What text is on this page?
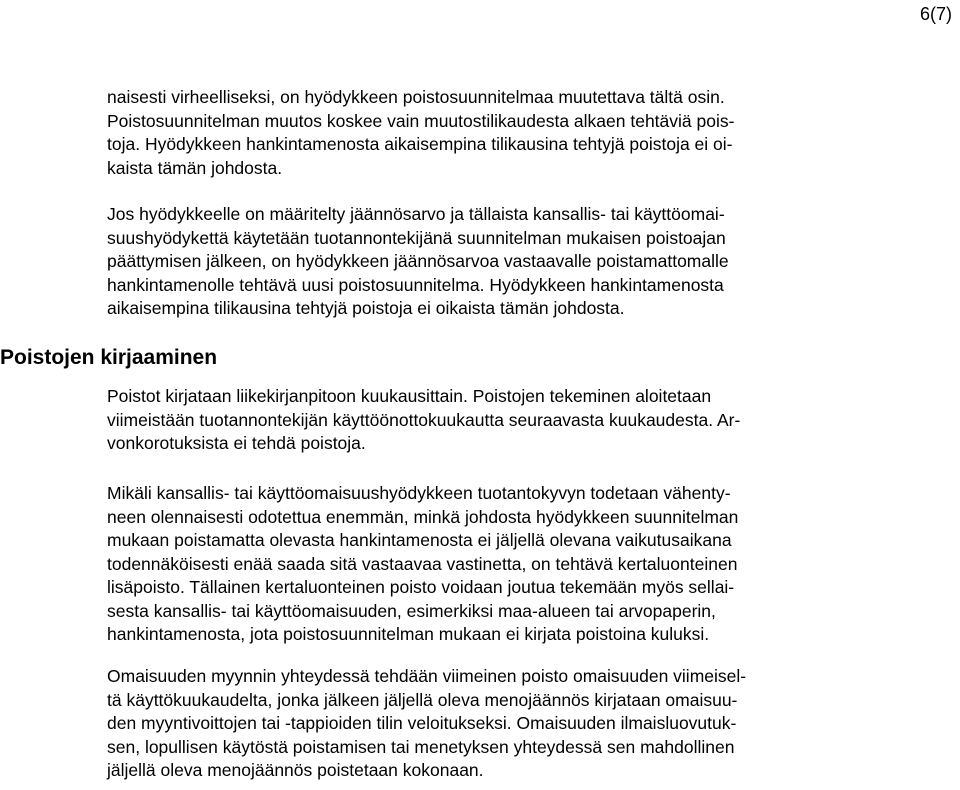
6(7)
naisesti virheelliseksi, on hyödykkeen poistosuunnitelmaa muutettava tältä osin.
Poistosuunnitelman muutos koskee vain muutostilikaudesta alkaen tehtäviä pois-
toja. Hyödykkeen hankintamenosta aikaisempina tilikausina tehtyjä poistoja ei oi-
kaista tämän johdosta.
Jos hyödykkeelle on määritelty jäännösarvo ja tällaista kansallis- tai käyttöomai-
suushyödykettä käytetään tuotannontekijänä suunnitelman mukaisen poistoajan
päättymisen jälkeen, on hyödykkeen jäännösarvoa vastaavalle poistamattomalle
hankintamenolle tehtävä uusi poistosuunnitelma. Hyödykkeen hankintamenosta
aikaisempina tilikausina tehtyjä poistoja ei oikaista tämän johdosta.
Poistojen kirjaaminen
Poistot kirjataan liikekirjanpitoon kuukausittain. Poistojen tekeminen aloitetaan
viimeistään tuotannontekijän käyttöönottokuukautta seuraavasta kuukaudesta. Ar-
vonkorotuksista ei tehdä poistoja.
Mikäli kansallis- tai käyttöomaisuushyödykkeen tuotantokyvyn todetaan vähenty-
neen olennaisesti odotettua enemmän, minkä johdosta hyödykkeen suunnitelman
mukaan poistamatta olevasta hankintamenosta ei jäljellä olevana vaikutusaikana
todennäköisesti enää saada sitä vastaavaa vastinetta, on tehtävä kertaluonteinen
lisäpoisto. Tällainen kertaluonteinen poisto voidaan joutua tekemään myös sellai-
sesta kansallis- tai käyttöomaisuuden, esimerkiksi maa-alueen tai arvopaperin,
hankintamenosta, jota poistosuunnitelman mukaan ei kirjata poistoina kuluksi.
Omaisuuden myynnin yhteydessä tehdään viimeinen poisto omaisuuden viimeisel-
tä käyttökuukaudelta, jonka jälkeen jäljellä oleva menojäännös kirjataan omaisuu-
den myyntivoittojen tai -tappioiden tilin veloitukseksi. Omaisuuden ilmaisluovutuk-
sen, lopullisen käytöstä poistamisen tai menetyksen yhteydessä sen mahdollinen
jäljellä oleva menojäännös poistetaan kokonaan.
